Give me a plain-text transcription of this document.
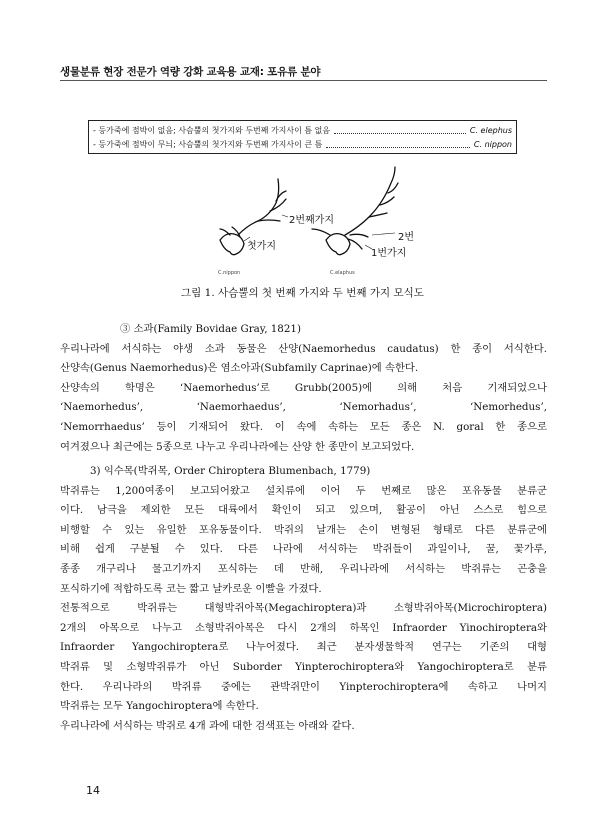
생물분류 현장 전문가 역량 강화 교육용 교재: 포유류 분야
- 등가죽에 점박이 없음; 사슴뿔의 첫가지와 두번째 가지사이 틈 없음	C. elephus
- 등가죽에 점박이 무늬; 사슴뿔의 첫가지와 두번째 가지사이 큰 틈	C. nippon
2번째가지
첫가지
2번
1번가지
C.nippon	C.elaphus
그림 1. 사슴뿔의 첫 번째 가지와 두 번째 가지 모식도

③ 소과(Family Bovidae Gray, 1821)

우리나라에 서식하는 야생 소과 동물은 산양(Naemorhedus caudatus) 한 종이 서식한다.

산양속(Genus Naemorhedus)은 염소아과(Subfamily Caprinae)에 속한다.

산양속의 학명은 ‘Naemorhedus’로 Grubb(2005)에 의해 처음 기재되었으나

‘Naemorhedus’, ‘Naemorhaedus’, ‘Nemorhadus’, ‘Nemorhedus’,

‘Nemorrhaedus’ 등이 기재되어 왔다. 이 속에 속하는 모든 종은 N. goral 한 종으로

여겨졌으나 최근에는 5종으로 나누고 우리나라에는 산양 한 종만이 보고되었다.

3) 익수목(박쥐목, Order Chiroptera Blumenbach, 1779)

박쥐류는 1,200여종이 보고되어왔고 설치류에 이어 두 번째로 많은 포유동물 분류군

이다. 남극을 제외한 모든 대륙에서 확인이 되고 있으며, 활공이 아닌 스스로 힘으로

비행할 수 있는 유일한 포유동물이다. 박쥐의 날개는 손이 변형된 형태로 다른 분류군에

비해 쉽게 구분될 수 있다. 다른 나라에 서식하는 박쥐들이 과일이나, 꿀, 꽃가루,

종종 개구리나 물고기까지 포식하는 데 반해, 우리나라에 서식하는 박쥐류는 곤충을

포식하기에 적합하도록 코는 짧고 날카로운 이빨을 가졌다.

전통적으로 박쥐류는 대형박쥐아목(Megachiroptera)과 소형박쥐아목(Microchiroptera)

2개의 아목으로 나누고 소형박쥐아목은 다시 2개의 하목인 Infraorder Yinochiroptera와

Infraorder Yangochiroptera로 나누어졌다. 최근 분자생물학적 연구는 기존의 대형

박쥐류 및 소형박쥐류가 아닌 Suborder Yinpterochiroptera와 Yangochiroptera로 분류

한다. 우리나라의 박쥐류 중에는 관박쥐만이 Yinpterochiroptera에 속하고 나머지

박쥐류는 모두 Yangochiroptera에 속한다.

우리나라에 서식하는 박쥐로 4개 과에 대한 검색표는 아래와 같다.

14
